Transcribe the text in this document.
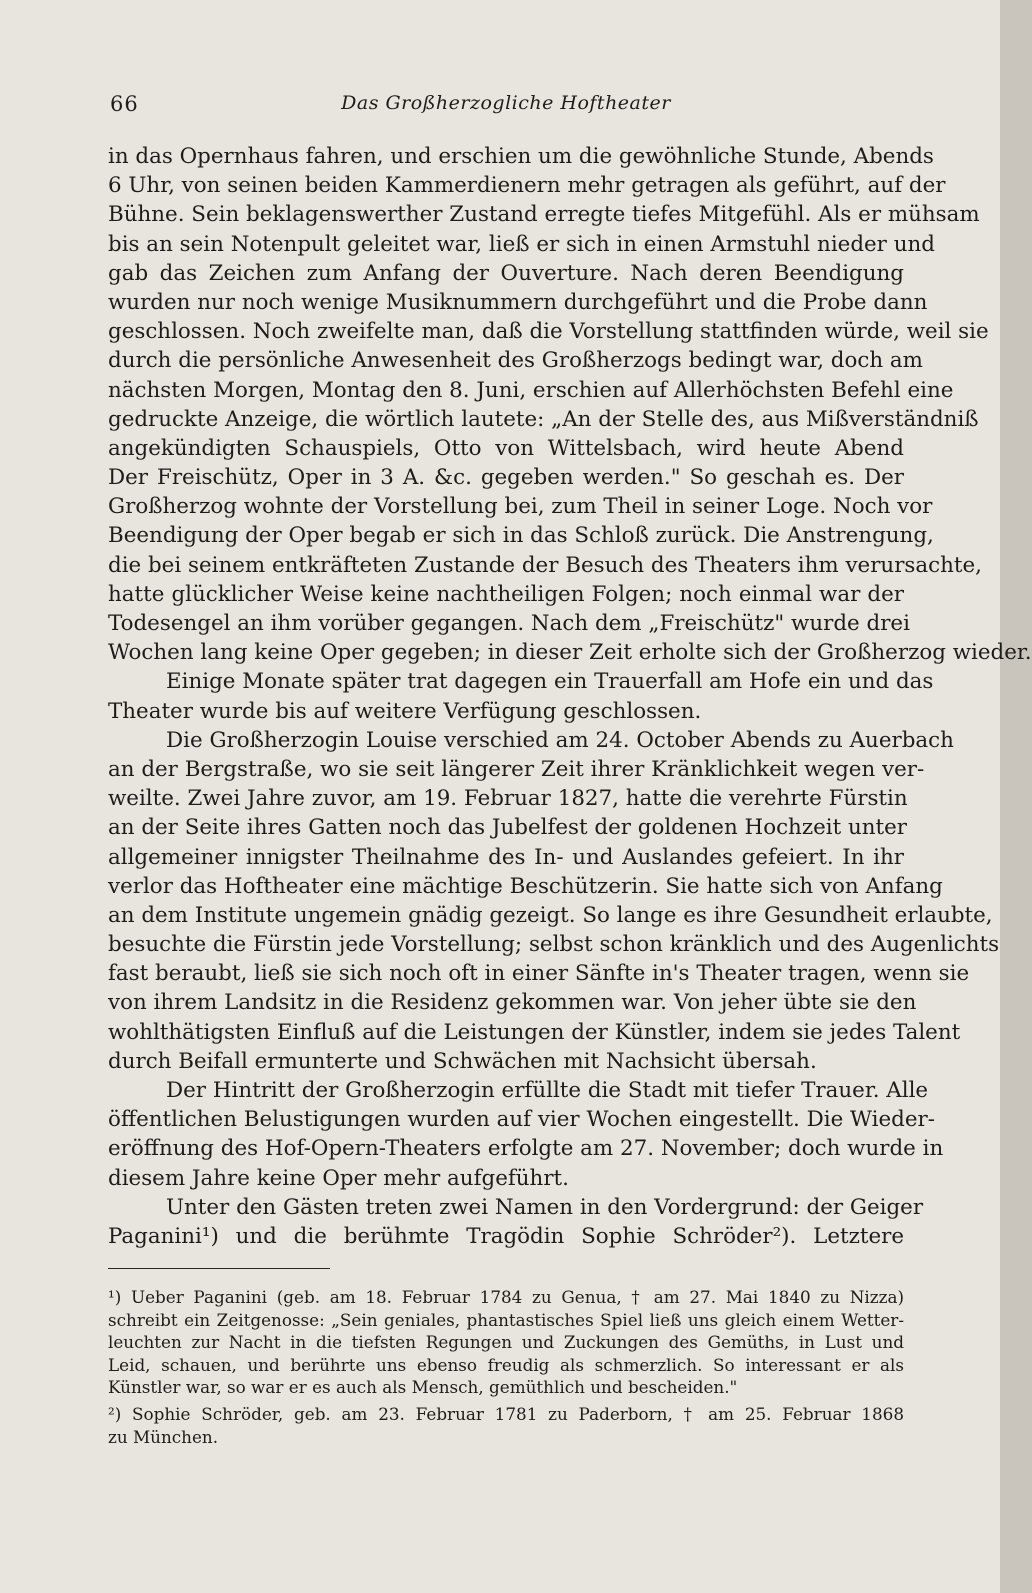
66	Das Großherzogliche Hoftheater
in das Opernhaus fahren, und erschien um die gewöhnliche Stunde, Abends
6 Uhr, von seinen beiden Kammerdienern mehr getragen als geführt, auf der
Bühne. Sein beklagenswerther Zustand erregte tiefes Mitgefühl. Als er mühsam
bis an sein Notenpult geleitet war, ließ er sich in einen Armstuhl nieder und
gab das Zeichen zum Anfang der Ouverture. Nach deren Beendigung
wurden nur noch wenige Musiknummern durchgeführt und die Probe dann
geschlossen. Noch zweifelte man, daß die Vorstellung stattfinden würde, weil sie
durch die persönliche Anwesenheit des Großherzogs bedingt war, doch am
nächsten Morgen, Montag den 8. Juni, erschien auf Allerhöchsten Befehl eine
gedruckte Anzeige, die wörtlich lautete: „An der Stelle des, aus Mißverständniß
angekündigten Schauspiels, Otto von Wittelsbach, wird heute Abend
Der Freischütz, Oper in 3 A. &c. gegeben werden." So geschah es. Der
Großherzog wohnte der Vorstellung bei, zum Theil in seiner Loge. Noch vor
Beendigung der Oper begab er sich in das Schloß zurück. Die Anstrengung,
die bei seinem entkräfteten Zustande der Besuch des Theaters ihm verursachte,
hatte glücklicher Weise keine nachtheiligen Folgen; noch einmal war der
Todesengel an ihm vorüber gegangen. Nach dem „Freischütz" wurde drei
Wochen lang keine Oper gegeben; in dieser Zeit erholte sich der Großherzog wieder.
Einige Monate später trat dagegen ein Trauerfall am Hofe ein und das
Theater wurde bis auf weitere Verfügung geschlossen.
Die Großherzogin Louise verschied am 24. October Abends zu Auerbach
an der Bergstraße, wo sie seit längerer Zeit ihrer Kränklichkeit wegen ver-
weilte. Zwei Jahre zuvor, am 19. Februar 1827, hatte die verehrte Fürstin
an der Seite ihres Gatten noch das Jubelfest der goldenen Hochzeit unter
allgemeiner innigster Theilnahme des In- und Auslandes gefeiert. In ihr
verlor das Hoftheater eine mächtige Beschützerin. Sie hatte sich von Anfang
an dem Institute ungemein gnädig gezeigt. So lange es ihre Gesundheit erlaubte,
besuchte die Fürstin jede Vorstellung; selbst schon kränklich und des Augenlichts
fast beraubt, ließ sie sich noch oft in einer Sänfte in's Theater tragen, wenn sie
von ihrem Landsitz in die Residenz gekommen war. Von jeher übte sie den
wohlthätigsten Einfluß auf die Leistungen der Künstler, indem sie jedes Talent
durch Beifall ermunterte und Schwächen mit Nachsicht übersah.
Der Hintritt der Großherzogin erfüllte die Stadt mit tiefer Trauer. Alle
öffentlichen Belustigungen wurden auf vier Wochen eingestellt. Die Wieder-
eröffnung des Hof-Opern-Theaters erfolgte am 27. November; doch wurde in
diesem Jahre keine Oper mehr aufgeführt.
Unter den Gästen treten zwei Namen in den Vordergrund: der Geiger
Paganini¹) und die berühmte Tragödin Sophie Schröder²). Letztere
¹) Ueber Paganini (geb. am 18. Februar 1784 zu Genua, † am 27. Mai 1840 zu Nizza)
schreibt ein Zeitgenosse: „Sein geniales, phantastisches Spiel ließ uns gleich einem Wetter-
leuchten zur Nacht in die tiefsten Regungen und Zuckungen des Gemüths, in Lust und
Leid, schauen, und berührte uns ebenso freudig als schmerzlich. So interessant er als
Künstler war, so war er es auch als Mensch, gemüthlich und bescheiden."
²) Sophie Schröder, geb. am 23. Februar 1781 zu Paderborn, † am 25. Februar 1868
zu München.
